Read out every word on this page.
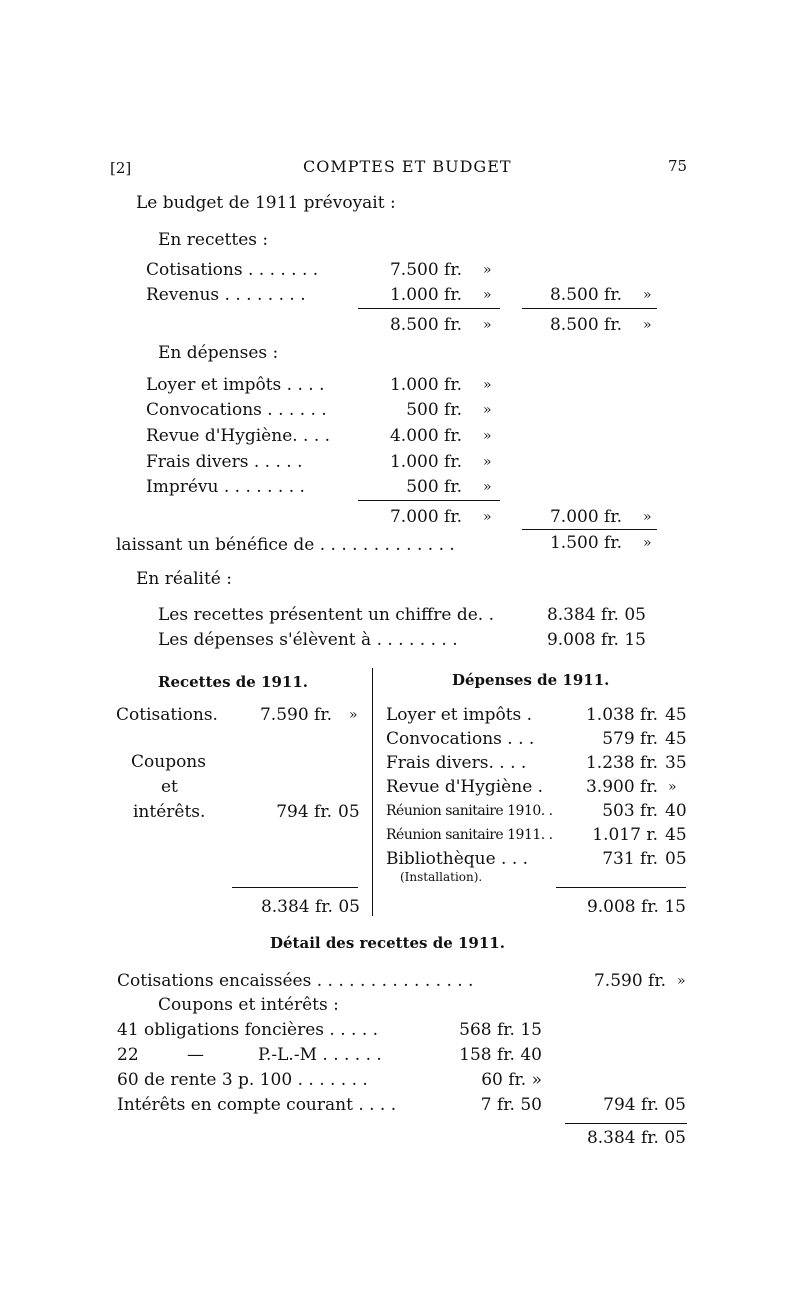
[2]	COMPTES ET BUDGET	75
Le budget de 1911 prévoyait :
En recettes :
Cotisations . . . . . . .	7.500 fr. »
Revenus . . . . . . . .	1.000 fr. »	8.500 fr. »
8.500 fr. »	8.500 fr. »
En dépenses :
Loyer et impôts . . . .	1.000 fr. »
Convocations . . . . . .	500 fr. »
Revue d'Hygiène. . . .	4.000 fr. »
Frais divers . . . . .	1.000 fr. »
Imprévu . . . . . . . .	500 fr. »
7.000 fr. »	7.000 fr. »
laissant un bénéfice de . . . . . . . . . . . . .	1.500 fr. »
En réalité :
Les recettes présentent un chiffre de. .	8.384 fr. 05
Les dépenses s'élèvent à . . . . . . . .	9.008 fr. 15
Recettes de 1911.	Dépenses de 1911.
Cotisations.	7.590 fr. »
Coupons
et
intérêts.	794 fr. 05
Loyer et impôts .	1.038 fr. 45
Convocations . . .	579 fr. 45
Frais divers. . . .	1.238 fr. 35
Revue d'Hygiène .	3.900 fr. »
Réunion sanitaire 1910. .	503 fr. 40
Réunion sanitaire 1911. .	1.017 r. 45
Bibliothèque . . .	731 fr. 05
(Installation).
8.384 fr. 05	9.008 fr. 15
Détail des recettes de 1911.
Cotisations encaissées . . . . . . . . . . . . . . .	7.590 fr. »
Coupons et intérêts :
41 obligations foncières . . . . .	568 fr. 15
22	—	P.-L.-M . . . . . .	158 fr. 40
60 de rente 3 p. 100 . . . . . . .	60 fr. »
Intérêts en compte courant . . . .	7 fr. 50	794 fr. 05
8.384 fr. 05
